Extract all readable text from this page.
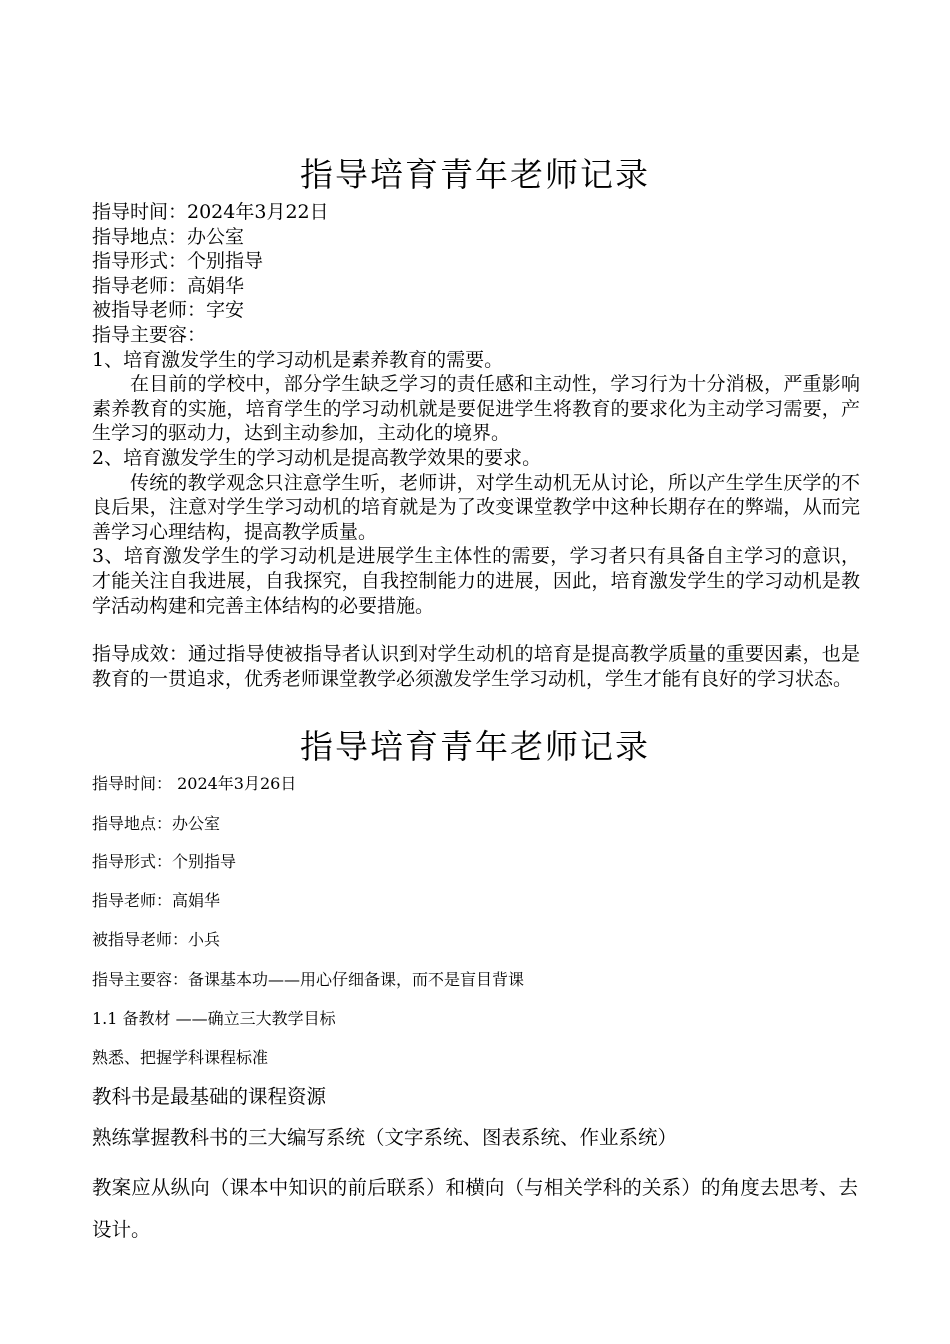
指导培育青年老师记录

指导时间：2024年3月22日

指导地点：办公室

指导形式：个别指导

指导老师：高娟华

被指导老师：字安

指导主要容：

1、培育激发学生的学习动机是素养教育的需要。

在目前的学校中，部分学生缺乏学习的责任感和主动性，学习行为十分消极，严重影响素养教育的实施，培育学生的学习动机就是要促进学生将教育的要求化为主动学习需要，产生学习的驱动力，达到主动参加，主动化的境界。

2、培育激发学生的学习动机是提高教学效果的要求。

传统的教学观念只注意学生听，老师讲，对学生动机无从讨论，所以产生学生厌学的不良后果，注意对学生学习动机的培育就是为了改变课堂教学中这种长期存在的弊端，从而完善学习心理结构，提高教学质量。

3、培育激发学生的学习动机是进展学生主体性的需要，学习者只有具备自主学习的意识，才能关注自我进展，自我探究，自我控制能力的进展，因此，培育激发学生的学习动机是教学活动构建和完善主体结构的必要措施。

指导成效：通过指导使被指导者认识到对学生动机的培育是提高教学质量的重要因素，也是教育的一贯追求，优秀老师课堂教学必须激发学生学习动机，学生才能有良好的学习状态。

指导培育青年老师记录

指导时间： 2024年3月26日

指导地点：办公室

指导形式：个别指导

指导老师：高娟华

被指导老师：小兵

指导主要容：备课基本功——用心仔细备课，而不是盲目背课

1.1 备教材 ——确立三大教学目标

熟悉、把握学科课程标准

教科书是最基础的课程资源

熟练掌握教科书的三大编写系统（文字系统、图表系统、作业系统）

教案应从纵向（课本中知识的前后联系）和横向（与相关学科的关系）的角度去思考、去设计。
